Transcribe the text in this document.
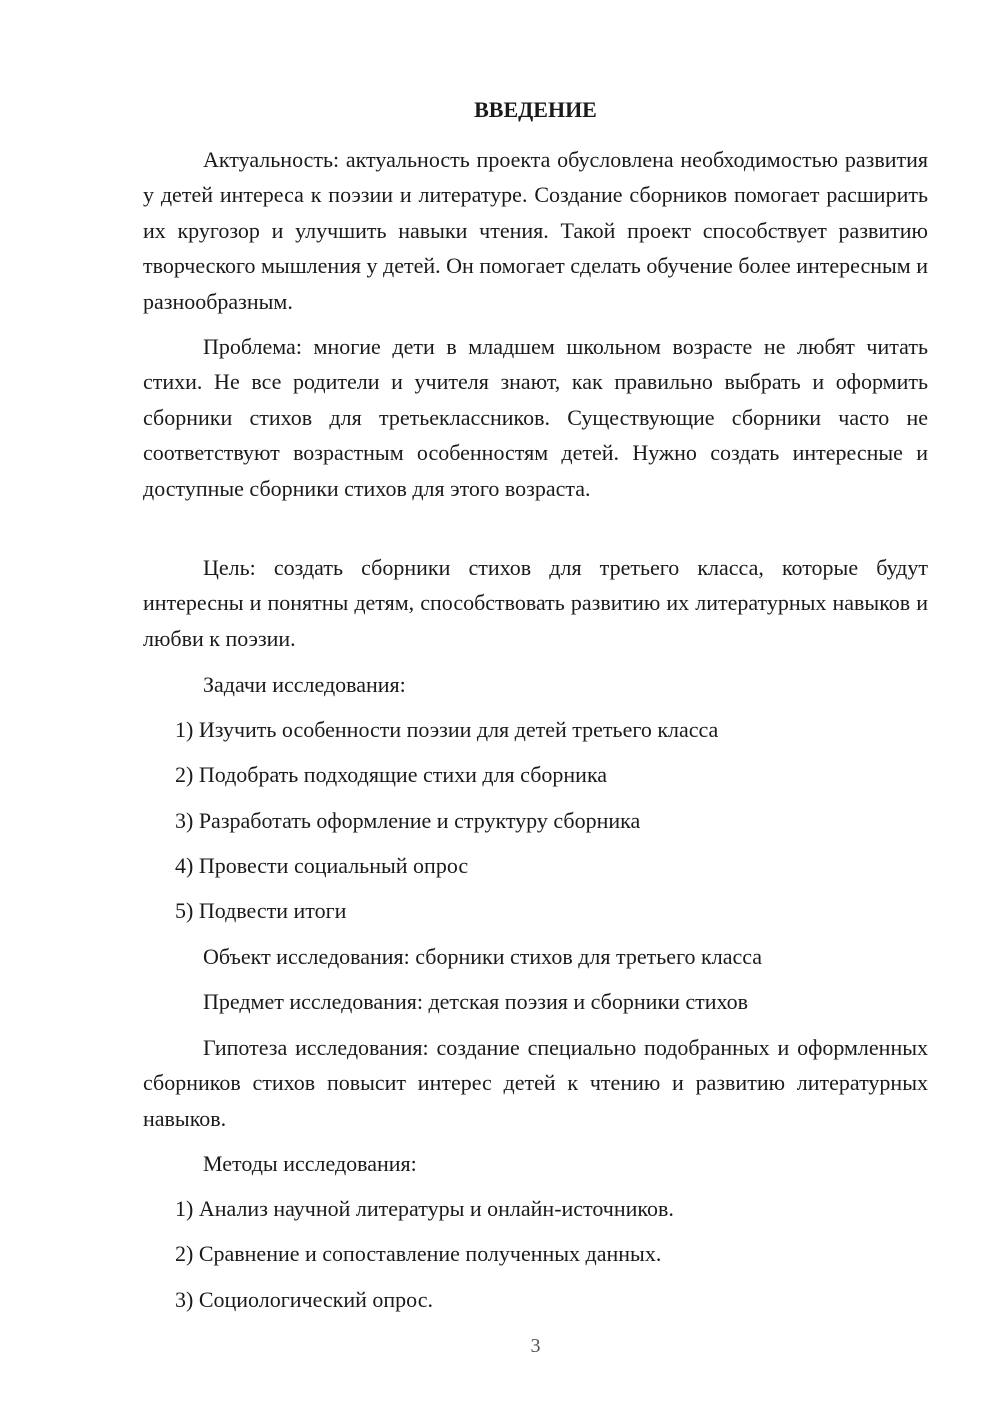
ВВЕДЕНИЕ

Актуальность: актуальность проекта обусловлена необходимостью развития у детей интереса к поэзии и литературе. Создание сборников помогает расширить их кругозор и улучшить навыки чтения. Такой проект способствует развитию творческого мышления у детей. Он помогает сделать обучение более интересным и разнообразным.

Проблема: многие дети в младшем школьном возрасте не любят читать стихи. Не все родители и учителя знают, как правильно выбрать и оформить сборники стихов для третьеклассников. Существующие сборники часто не соответствуют возрастным особенностям детей. Нужно создать интересные и доступные сборники стихов для этого возраста.

Цель: создать сборники стихов для третьего класса, которые будут интересны и понятны детям, способствовать развитию их литературных навыков и любви к поэзии.

Задачи исследования:
1) Изучить особенности поэзии для детей третьего класса
2) Подобрать подходящие стихи для сборника
3) Разработать оформление и структуру сборника
4) Провести социальный опрос
5) Подвести итоги
Объект исследования: сборники стихов для третьего класса
Предмет исследования: детская поэзия и сборники стихов

Гипотеза исследования: создание специально подобранных и оформленных сборников стихов повысит интерес детей к чтению и развитию литературных навыков.

Методы исследования:
1) Анализ научной литературы и онлайн-источников.
2) Сравнение и сопоставление полученных данных.
3) Социологический опрос.
3
